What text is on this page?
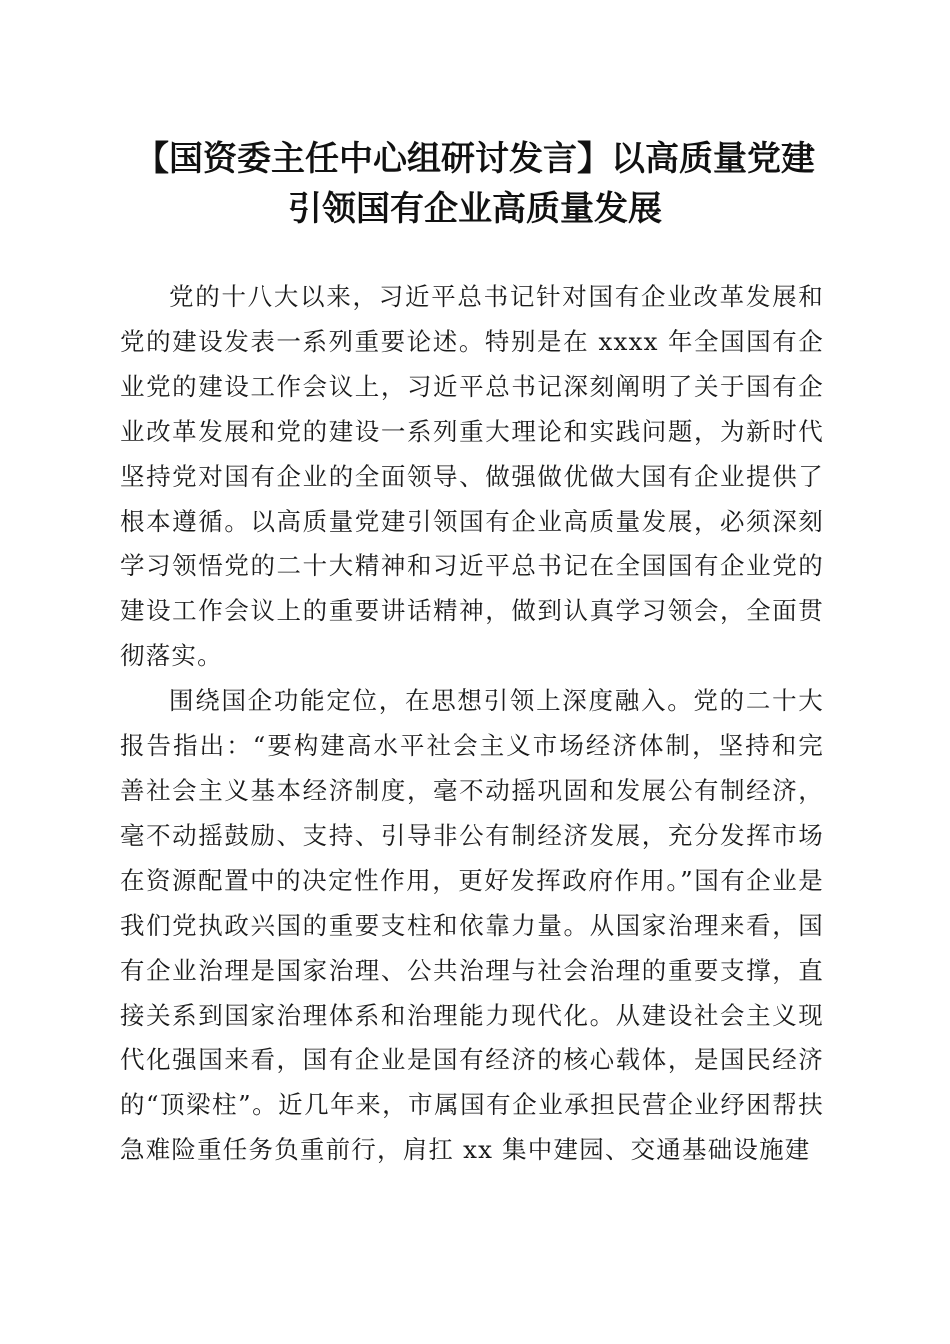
【国资委主任中心组研讨发言】以高质量党建
引领国有企业高质量发展

党的十八大以来，习近平总书记针对国有企业改革发展和党的建设发表一系列重要论述。特别是在 xxxx 年全国国有企业党的建设工作会议上，习近平总书记深刻阐明了关于国有企业改革发展和党的建设一系列重大理论和实践问题，为新时代坚持党对国有企业的全面领导、做强做优做大国有企业提供了根本遵循。以高质量党建引领国有企业高质量发展，必须深刻学习领悟党的二十大精神和习近平总书记在全国国有企业党的建设工作会议上的重要讲话精神，做到认真学习领会，全面贯彻落实。

围绕国企功能定位，在思想引领上深度融入。党的二十大报告指出：“要构建高水平社会主义市场经济体制，坚持和完善社会主义基本经济制度，毫不动摇巩固和发展公有制经济，毫不动摇鼓励、支持、引导非公有制经济发展，充分发挥市场在资源配置中的决定性作用，更好发挥政府作用。”国有企业是我们党执政兴国的重要支柱和依靠力量。从国家治理来看，国有企业治理是国家治理、公共治理与社会治理的重要支撑，直接关系到国家治理体系和治理能力现代化。从建设社会主义现代化强国来看，国有企业是国有经济的核心载体，是国民经济的“顶梁柱”。近几年来，市属国有企业承担民营企业纾困帮扶急难险重任务负重前行，肩扛 xx 集中建园、交通基础设施建
